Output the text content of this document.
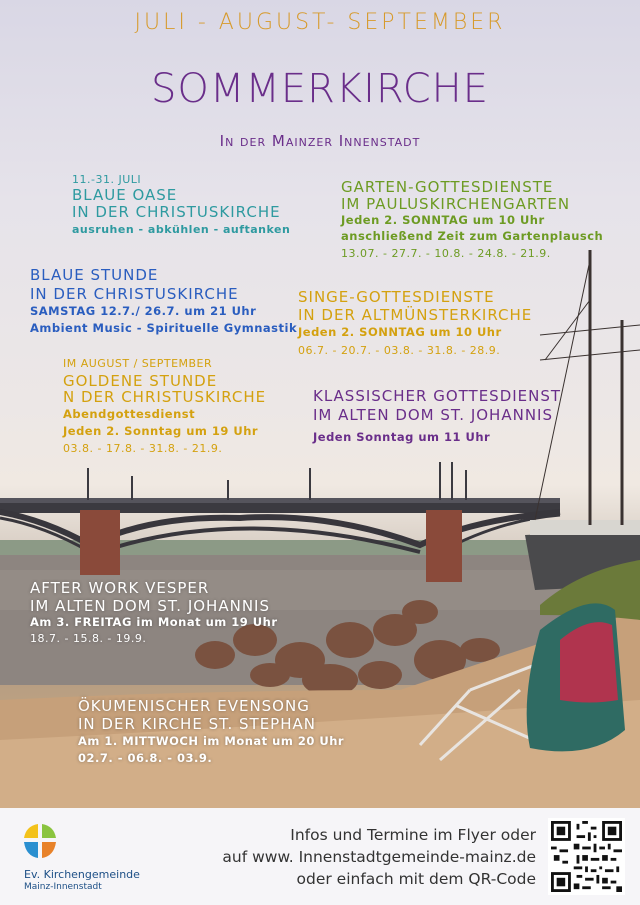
JULI - AUGUST- SEPTEMBER
SOMMERKIRCHE
In der Mainzer Innenstadt
11.-31. JULI
BLAUE OASE
IN DER CHRISTUSKIRCHE
ausruhen - abkühlen - auftanken
GARTEN-GOTTESDIENSTE
IM PAULUSKIRCHENGARTEN
Jeden 2. SONNTAG um 10 Uhr
anschließend Zeit zum Gartenplausch
13.07. - 27.7. - 10.8. - 24.8. - 21.9.
BLAUE STUNDE
IN DER CHRISTUSKIRCHE
SAMSTAG 12.7./ 26.7. um 21 Uhr
Ambient Music - Spirituelle Gymnastik
SINGE-GOTTESDIENSTE
IN DER ALTMÜNSTERKIRCHE
Jeden 2. SONNTAG um 10 Uhr
06.7. - 20.7. - 03.8. - 31.8. - 28.9.
IM AUGUST / SEPTEMBER
GOLDENE STUNDE
N DER CHRISTUSKIRCHE
Abendgottesdienst
Jeden 2. Sonntag um 19 Uhr
03.8. - 17.8. - 31.8. - 21.9.
KLASSISCHER GOTTESDIENST
IM ALTEN DOM ST. JOHANNIS
Jeden Sonntag um 11 Uhr
AFTER WORK VESPER
IM ALTEN DOM ST. JOHANNIS
Am 3. FREITAG im Monat um 19 Uhr
18.7. - 15.8. - 19.9.
ÖKUMENISCHER EVENSONG
IN DER KIRCHE ST. STEPHAN
Am 1. MITTWOCH im Monat um 20 Uhr
02.7. - 06.8. - 03.9.
Ev. Kirchengemeinde
Mainz-Innenstadt
Infos und Termine im Flyer oder
auf www. Innenstadtgemeinde-mainz.de
oder einfach mit dem QR-Code
